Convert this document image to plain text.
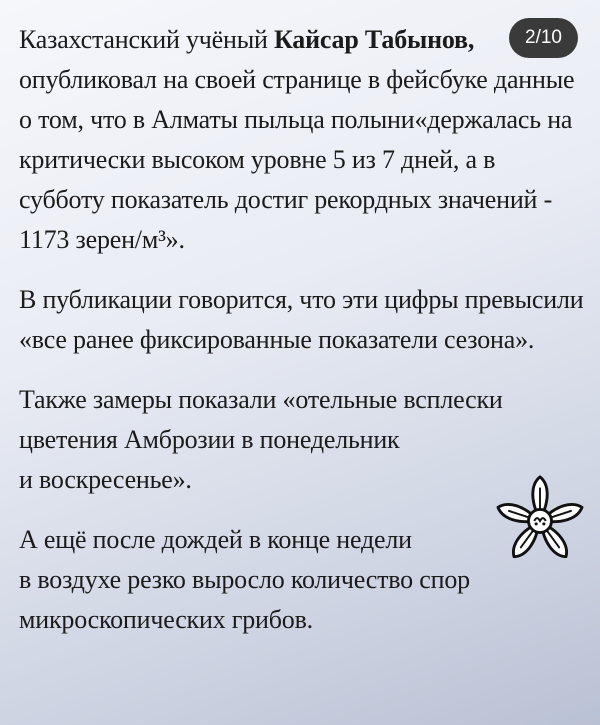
2/10

Казахстанский учёный Кайсар Табынов, опубликовал на своей странице в фейсбуке данные о том, что в Алматы пыльца полыни«держалась на критически высоком уровне 5 из 7 дней, а в субботу показатель достиг рекордных значений - 1173 зерен/м³».

В публикации говорится, что эти цифры превысили «все ранее фиксированные показатели сезона».

Также замеры показали «отельные всплески цветения Амброзии в понедельник
и воскресенье».

А ещё после дождей в конце недели
в воздухе резко выросло количество спор микроскопических грибов.
